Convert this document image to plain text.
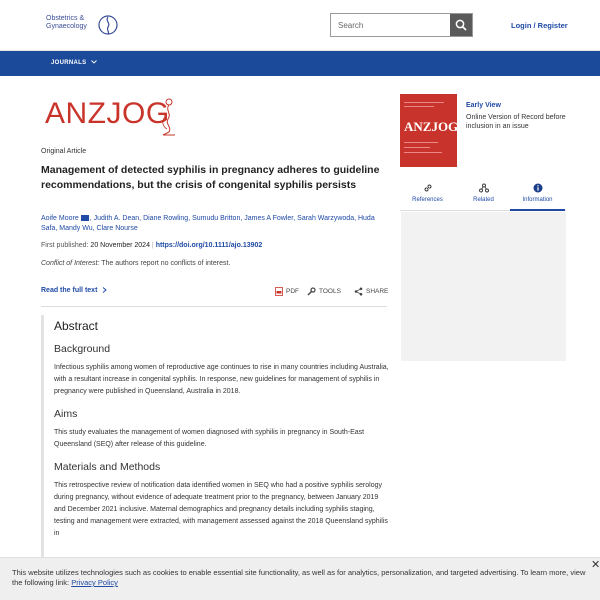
Obstetrics &
Gynaecology
Search	Login / Register
JOURNALS
ANZJOG
Original Article
Management of detected syphilis in pregnancy adheres to guideline recommendations, but the crisis of congenital syphilis persists
Aoife Moore , Judith A. Dean, Diane Rowling, Sumudu Britton, James A Fowler, Sarah Warzywoda, Huda Safa, Mandy Wu, Clare Nourse
First published: 20 November 2024 | https://doi.org/10.1111/ajo.13902
Conflict of Interest: The authors report no conflicts of interest.
Read the full text	PDF	TOOLS	SHARE
Abstract
Background
Infectious syphilis among women of reproductive age continues to rise in many countries including Australia, with a resultant increase in congenital syphilis. In response, new guidelines for management of syphilis in pregnancy were published in Queensland, Australia in 2018.
Aims
This study evaluates the management of women diagnosed with syphilis in pregnancy in South-East Queensland (SEQ) after release of this guideline.
Materials and Methods
This retrospective review of notification data identified women in SEQ who had a positive syphilis serology during pregnancy, without evidence of adequate treatment prior to the pregnancy, between January 2019 and December 2021 inclusive. Maternal demographics and pregnancy details including syphilis staging, testing and management were extracted, with management assessed against the 2018 Queensland syphilis in
ANZJOG
Early View
Online Version of Record before inclusion in an issue
References	Related	Information
This website utilizes technologies such as cookies to enable essential site functionality, as well as for analytics, personalization, and targeted advertising. To learn more, view the following link: Privacy Policy
✕
